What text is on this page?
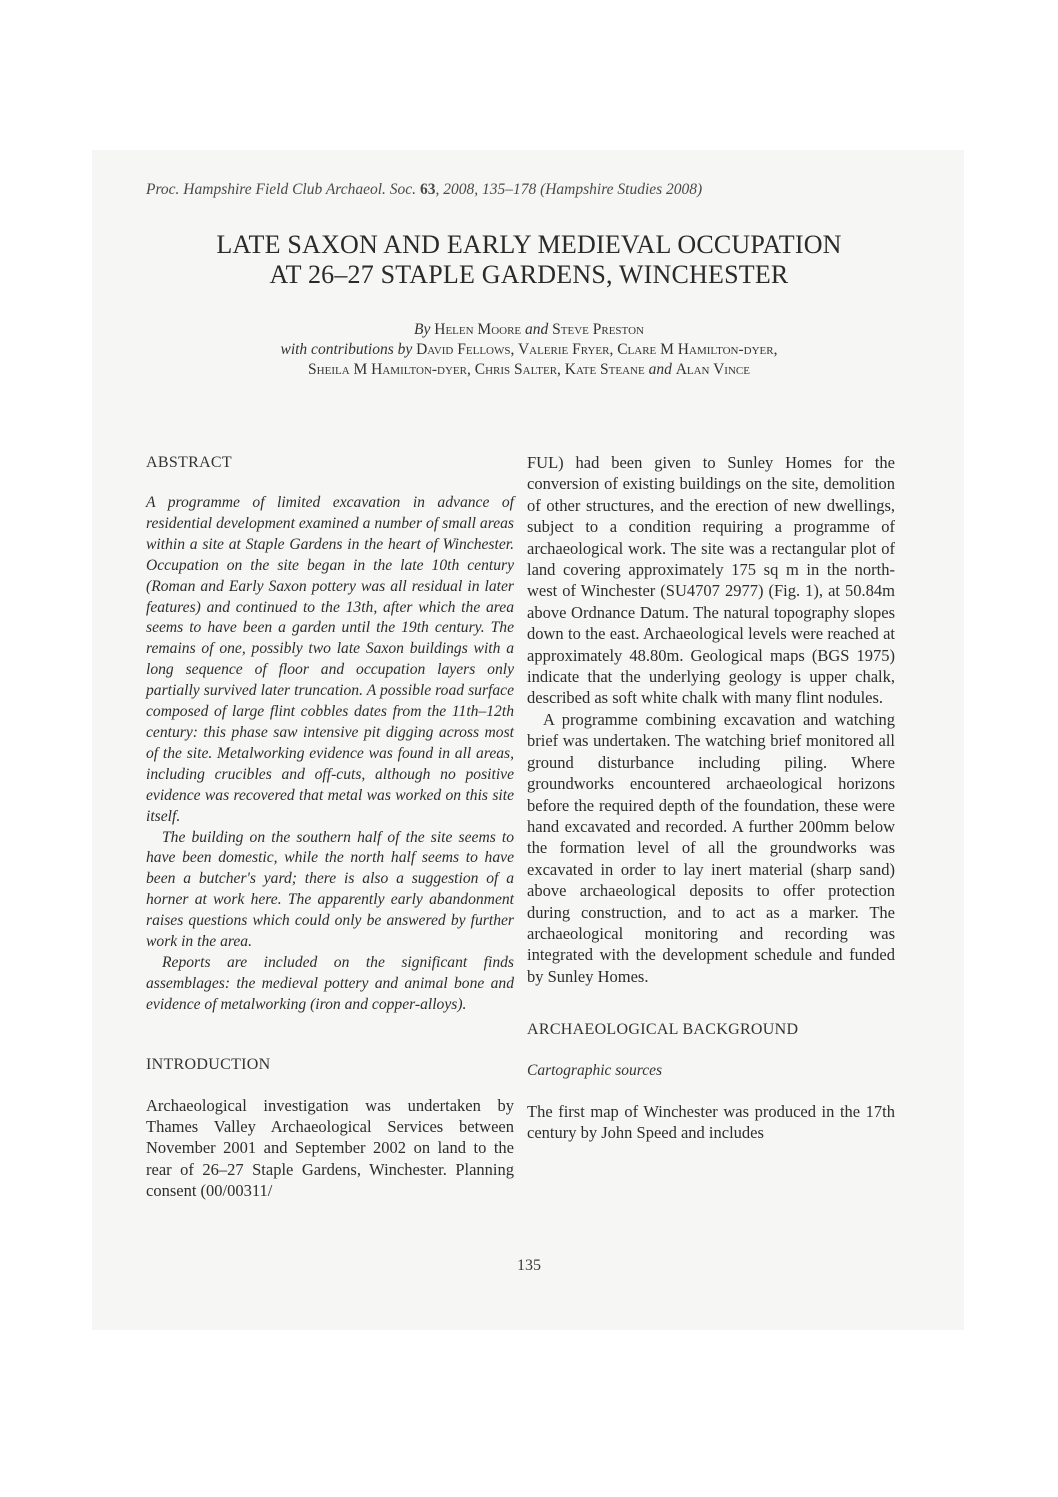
Proc. Hampshire Field Club Archaeol. Soc. 63, 2008, 135–178 (Hampshire Studies 2008)
LATE SAXON AND EARLY MEDIEVAL OCCUPATION
AT 26–27 STAPLE GARDENS, WINCHESTER
By Helen Moore and Steve Preston
with contributions by David Fellows, Valerie Fryer, Clare M Hamilton-dyer,
Sheila M Hamilton-dyer, Chris Salter, Kate Steane and Alan Vince
ABSTRACT

A programme of limited excavation in advance of residential development examined a number of small areas within a site at Staple Gardens in the heart of Winchester. Occupation on the site began in the late 10th century (Roman and Early Saxon pottery was all residual in later features) and continued to the 13th, after which the area seems to have been a garden until the 19th century. The remains of one, possibly two late Saxon buildings with a long sequence of floor and occupation layers only partially survived later truncation. A possible road surface composed of large flint cobbles dates from the 11th–12th century: this phase saw intensive pit digging across most of the site. Metalworking evidence was found in all areas, including crucibles and off-cuts, although no positive evidence was recovered that metal was worked on this site itself.

The building on the southern half of the site seems to have been domestic, while the north half seems to have been a butcher's yard; there is also a suggestion of a horner at work here. The apparently early abandonment raises questions which could only be answered by further work in the area.

Reports are included on the significant finds assemblages: the medieval pottery and animal bone and evidence of metalworking (iron and copper-alloys).

INTRODUCTION

Archaeological investigation was undertaken by Thames Valley Archaeological Services between November 2001 and September 2002 on land to the rear of 26–27 Staple Gardens, Winchester. Planning consent (00/00311/

FUL) had been given to Sunley Homes for the conversion of existing buildings on the site, demolition of other structures, and the erection of new dwellings, subject to a condition requiring a programme of archaeological work. The site was a rectangular plot of land covering approximately 175 sq m in the north-west of Winchester (SU4707 2977) (Fig. 1), at 50.84m above Ordnance Datum. The natural topography slopes down to the east. Archaeological levels were reached at approximately 48.80m. Geological maps (BGS 1975) indicate that the underlying geology is upper chalk, described as soft white chalk with many flint nodules.

A programme combining excavation and watching brief was undertaken. The watching brief monitored all ground disturbance including piling. Where groundworks encountered archaeological horizons before the required depth of the foundation, these were hand excavated and recorded. A further 200mm below the formation level of all the groundworks was excavated in order to lay inert material (sharp sand) above archaeological deposits to offer protection during construction, and to act as a marker. The archaeological monitoring and recording was integrated with the development schedule and funded by Sunley Homes.

ARCHAEOLOGICAL BACKGROUND
Cartographic sources

The first map of Winchester was produced in the 17th century by John Speed and includes

135
